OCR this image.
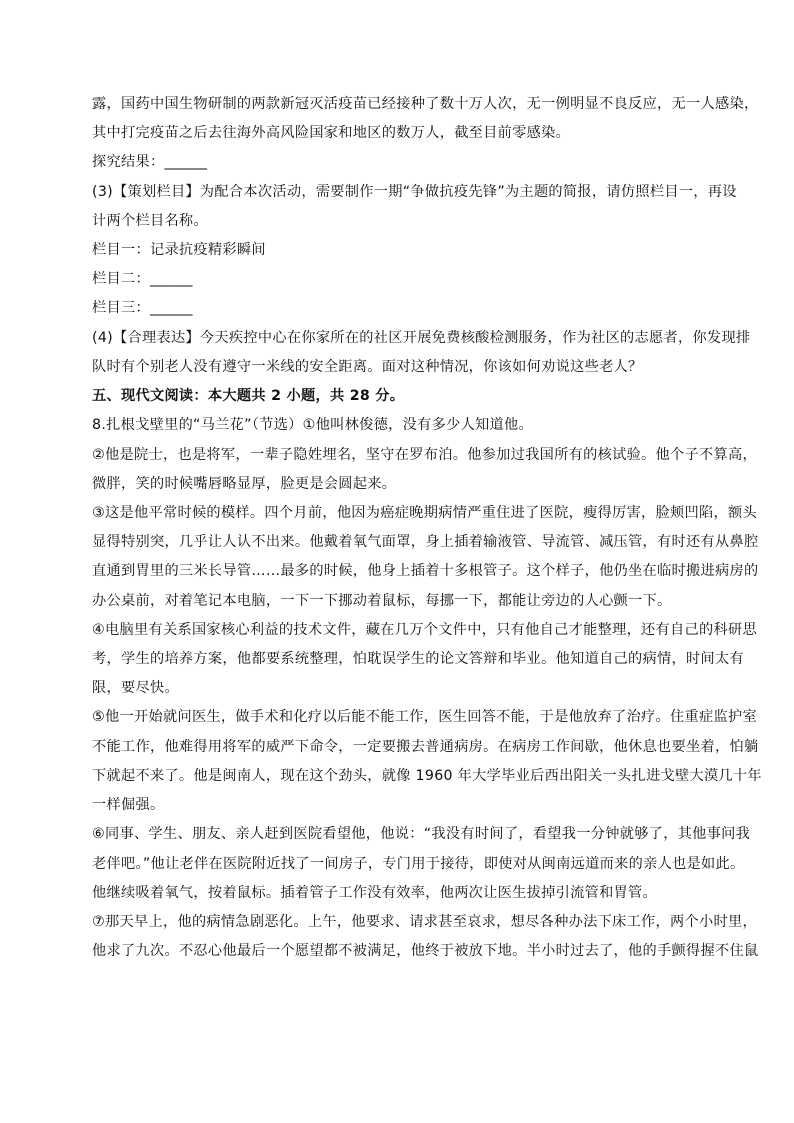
露，国药中国生物研制的两款新冠灭活疫苗已经接种了数十万人次，无一例明显不良反应，无一人感染，
其中打完疫苗之后去往海外高风险国家和地区的数万人，截至目前零感染。
探究结果：______
(3)【策划栏目】为配合本次活动，需要制作一期“争做抗疫先锋”为主题的简报，请仿照栏目一，再设
计两个栏目名称。
栏目一：记录抗疫精彩瞬间
栏目二：______
栏目三：______
(4)【合理表达】今天疾控中心在你家所在的社区开展免费核酸检测服务，作为社区的志愿者，你发现排
队时有个别老人没有遵守一米线的安全距离。面对这种情况，你该如何劝说这些老人？
五、现代文阅读：本大题共 2 小题，共 28 分。
8.扎根戈壁里的“马兰花”（节选）①他叫林俊德，没有多少人知道他。
②他是院士，也是将军，一辈子隐姓埋名，坚守在罗布泊。他参加过我国所有的核试验。他个子不算高，
微胖，笑的时候嘴唇略显厚，脸更是会圆起来。
③这是他平常时候的模样。四个月前，他因为癌症晚期病情严重住进了医院，瘦得厉害，脸颊凹陷，额头
显得特别突，几乎让人认不出来。他戴着氧气面罩，身上插着输液管、导流管、减压管，有时还有从鼻腔
直通到胃里的三米长导管……最多的时候，他身上插着十多根管子。这个样子，他仍坐在临时搬进病房的
办公桌前，对着笔记本电脑，一下一下挪动着鼠标，每挪一下，都能让旁边的人心颤一下。
④电脑里有关系国家核心利益的技术文件，藏在几万个文件中，只有他自己才能整理，还有自己的科研思
考，学生的培养方案，他都要系统整理，怕耽误学生的论文答辩和毕业。他知道自己的病情，时间太有
限，要尽快。
⑤他一开始就问医生，做手术和化疗以后能不能工作，医生回答不能，于是他放弃了治疗。住重症监护室
不能工作，他难得用将军的威严下命令，一定要搬去普通病房。在病房工作间歇，他休息也要坐着，怕躺
下就起不来了。他是闽南人，现在这个劲头，就像 1960 年大学毕业后西出阳关一头扎进戈壁大漠几十年
一样倔强。
⑥同事、学生、朋友、亲人赶到医院看望他，他说：“我没有时间了，看望我一分钟就够了，其他事问我
老伴吧。”他让老伴在医院附近找了一间房子，专门用于接待，即使对从闽南远道而来的亲人也是如此。
他继续吸着氧气，按着鼠标。插着管子工作没有效率，他两次让医生拔掉引流管和胃管。
⑦那天早上，他的病情急剧恶化。上午，他要求、请求甚至哀求，想尽各种办法下床工作，两个小时里，
他求了九次。不忍心他最后一个愿望都不被满足，他终于被放下地。半小时过去了，他的手颤得握不住鼠
